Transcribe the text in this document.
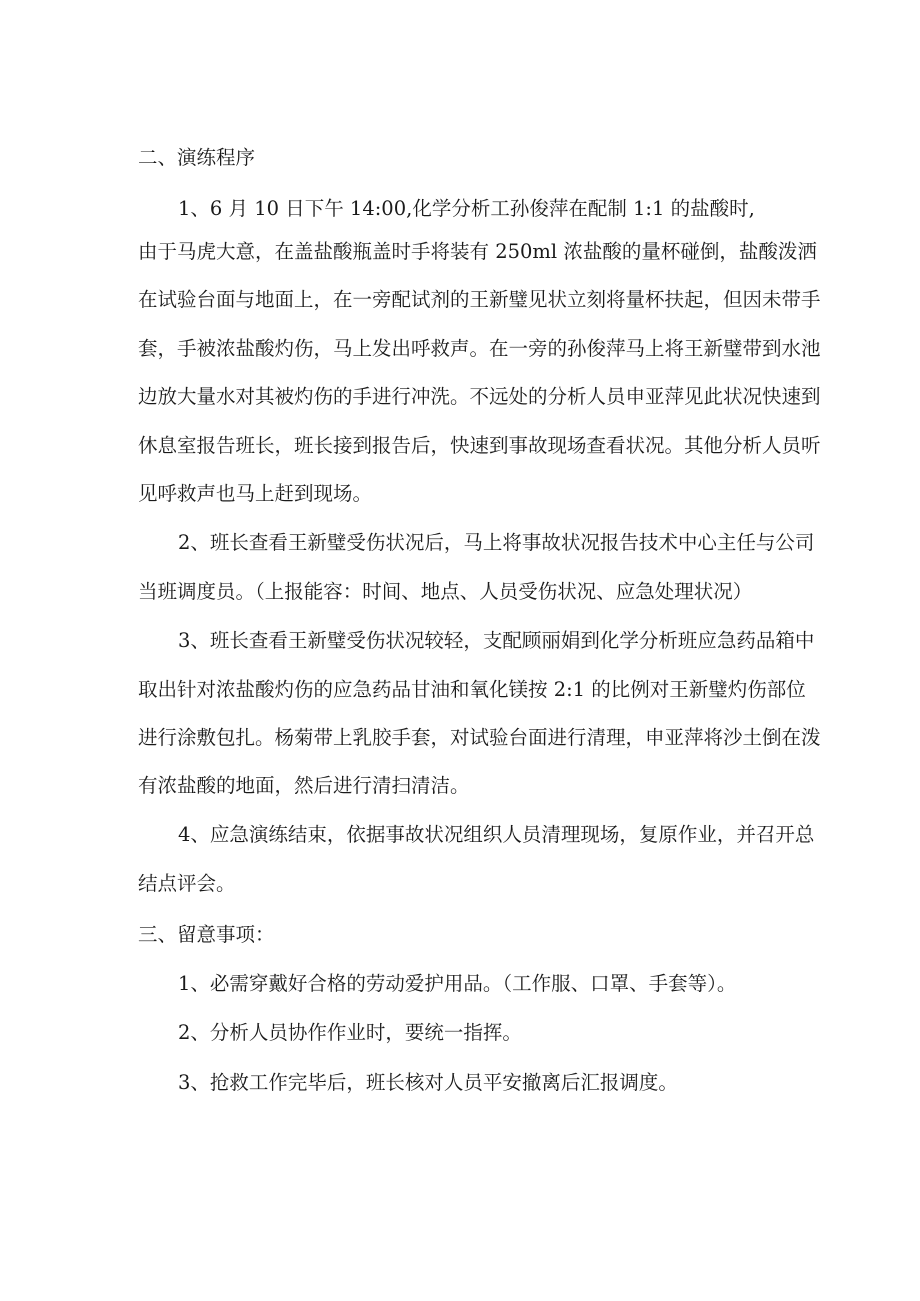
二、演练程序
1、6 月 10 日下午 14:00,化学分析工孙俊萍在配制 1:1 的盐酸时,
由于马虎大意，在盖盐酸瓶盖时手将装有 250ml 浓盐酸的量杯碰倒，盐酸泼洒
在试验台面与地面上，在一旁配试剂的王新璧见状立刻将量杯扶起，但因未带手
套，手被浓盐酸灼伤，马上发出呼救声。在一旁的孙俊萍马上将王新璧带到水池
边放大量水对其被灼伤的手进行冲洗。不远处的分析人员申亚萍见此状况快速到
休息室报告班长，班长接到报告后，快速到事故现场查看状况。其他分析人员听
见呼救声也马上赶到现场。
2、班长查看王新璧受伤状况后，马上将事故状况报告技术中心主任与公司
当班调度员。（上报能容：时间、地点、人员受伤状况、应急处理状况）
3、班长查看王新璧受伤状况较轻，支配顾丽娟到化学分析班应急药品箱中
取出针对浓盐酸灼伤的应急药品甘油和氧化镁按 2:1 的比例对王新璧灼伤部位
进行涂敷包扎。杨菊带上乳胶手套，对试验台面进行清理，申亚萍将沙土倒在泼
有浓盐酸的地面，然后进行清扫清洁。
4、应急演练结束，依据事故状况组织人员清理现场，复原作业，并召开总
结点评会。
三、留意事项：
1、必需穿戴好合格的劳动爱护用品。（工作服、口罩、手套等）。
2、分析人员协作作业时，要统一指挥。
3、抢救工作完毕后，班长核对人员平安撤离后汇报调度。
